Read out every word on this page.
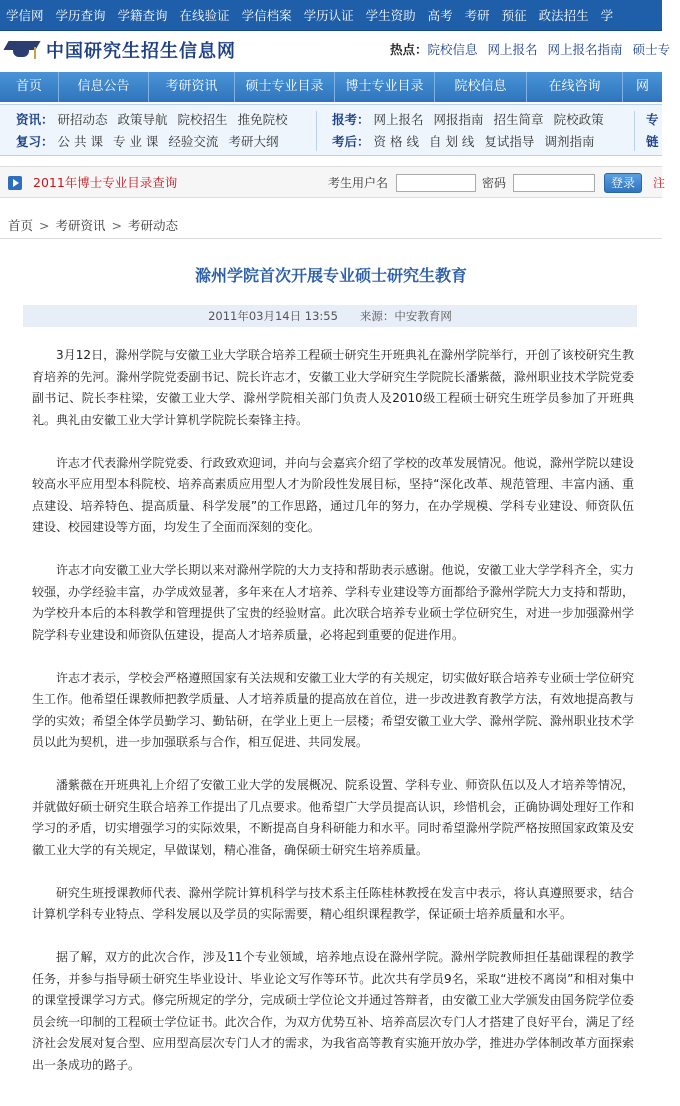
学信网 学历查询 学籍查询 在线验证 学信档案 学历认证 学生资助 高考 考研 预征 政法招生 学
中国研究生招生信息网	热点：院校信息 网上报名 网上报名指南 硕士专
首页	信息公告	考研资讯 硕士专业目录 博士专业目录 院校信息	在线咨询	网
资讯： 研招动态 政策导航 院校招生 推免院校
复习： 公 共 课 专 业 课 经验交流 考研大纲
报考： 网上报名 网报指南 招生简章 院校政策
考后： 资 格 线 自 划 线 复试指导 调剂指南
专
链
2011年博士专业目录查询	考生用户名	密码	登录	注
首页 > 考研资讯 > 考研动态
滁州学院首次开展专业硕士研究生教育
2011年03月14日 13:55 来源：中安教育网

3月12日，滁州学院与安徽工业大学联合培养工程硕士研究生开班典礼在滁州学院举行，开创了该校研究生教育培养的先河。滁州学院党委副书记、院长许志才，安徽工业大学研究生学院院长潘紫薇，滁州职业技术学院党委副书记、院长李柱梁，安徽工业大学、滁州学院相关部门负责人及2010级工程硕士研究生班学员参加了开班典礼。典礼由安徽工业大学计算机学院院长秦锋主持。

许志才代表滁州学院党委、行政致欢迎词，并向与会嘉宾介绍了学校的改革发展情况。他说，滁州学院以建设较高水平应用型本科院校、培养高素质应用型人才为阶段性发展目标，坚持“深化改革、规范管理、丰富内涵、重点建设、培养特色、提高质量、科学发展”的工作思路，通过几年的努力，在办学规模、学科专业建设、师资队伍建设、校园建设等方面，均发生了全面而深刻的变化。

许志才向安徽工业大学长期以来对滁州学院的大力支持和帮助表示感谢。他说，安徽工业大学学科齐全，实力较强，办学经验丰富，办学成效显著，多年来在人才培养、学科专业建设等方面都给予滁州学院大力支持和帮助，为学校升本后的本科教学和管理提供了宝贵的经验财富。此次联合培养专业硕士学位研究生，对进一步加强滁州学院学科专业建设和师资队伍建设，提高人才培养质量，必将起到重要的促进作用。

许志才表示，学校会严格遵照国家有关法规和安徽工业大学的有关规定，切实做好联合培养专业硕士学位研究生工作。他希望任课教师把教学质量、人才培养质量的提高放在首位，进一步改进教育教学方法，有效地提高教与学的实效；希望全体学员勤学习、勤钻研，在学业上更上一层楼；希望安徽工业大学、滁州学院、滁州职业技术学员以此为契机，进一步加强联系与合作，相互促进、共同发展。

潘紫薇在开班典礼上介绍了安徽工业大学的发展概况、院系设置、学科专业、师资队伍以及人才培养等情况，并就做好硕士研究生联合培养工作提出了几点要求。他希望广大学员提高认识，珍惜机会，正确协调处理好工作和学习的矛盾，切实增强学习的实际效果，不断提高自身科研能力和水平。同时希望滁州学院严格按照国家政策及安徽工业大学的有关规定，早做谋划，精心准备，确保硕士研究生培养质量。

研究生班授课教师代表、滁州学院计算机科学与技术系主任陈桂林教授在发言中表示，将认真遵照要求，结合计算机学科专业特点、学科发展以及学员的实际需要，精心组织课程教学，保证硕士培养质量和水平。

据了解，双方的此次合作，涉及11个专业领域，培养地点设在滁州学院。滁州学院教师担任基础课程的教学任务，并参与指导硕士研究生毕业设计、毕业论文写作等环节。此次共有学员9名，采取“进校不离岗”和相对集中的课堂授课学习方式。修完所规定的学分，完成硕士学位论文并通过答辩者，由安徽工业大学颁发由国务院学位委员会统一印制的工程硕士学位证书。此次合作，为双方优势互补、培养高层次专门人才搭建了良好平台，满足了经济社会发展对复合型、应用型高层次专门人才的需求，为我省高等教育实施开放办学，推进办学体制改革方面探索出一条成功的路子。
